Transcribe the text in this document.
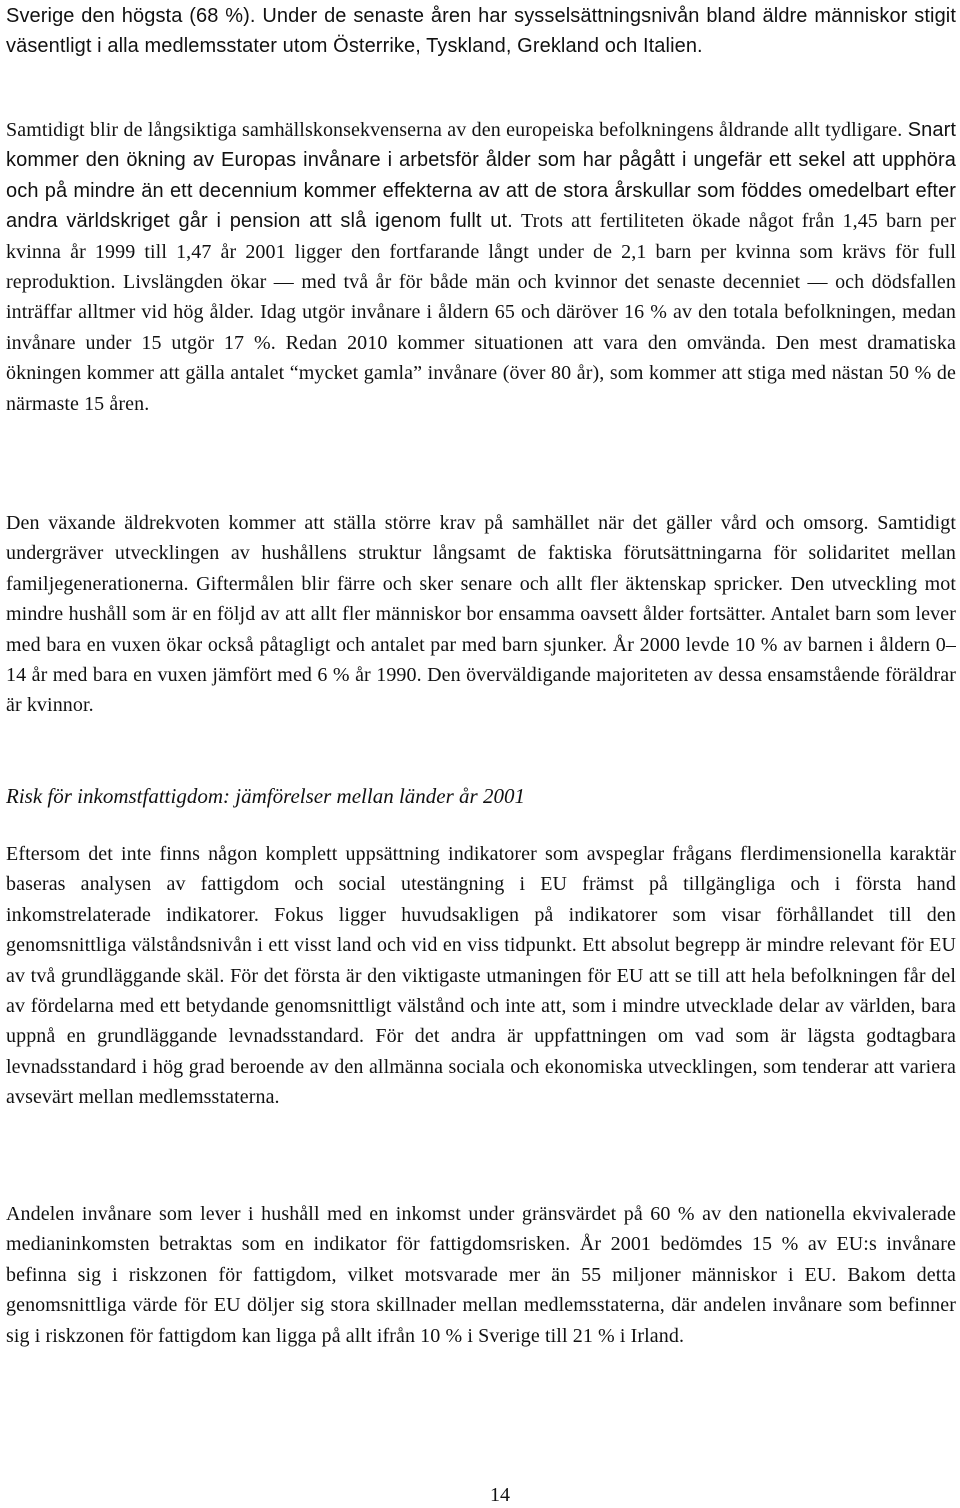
Sverige den högsta (68 %). Under de senaste åren har sysselsättningsnivån bland äldre människor stigit väsentligt i alla medlemsstater utom Österrike, Tyskland, Grekland och Italien.

Samtidigt blir de långsiktiga samhällskonsekvenserna av den europeiska befolkningens åldrande allt tydligare. Snart kommer den ökning av Europas invånare i arbetsför ålder som har pågått i ungefär ett sekel att upphöra och på mindre än ett decennium kommer effekterna av att de stora årskullar som föddes omedelbart efter andra världskriget går i pension att slå igenom fullt ut. Trots att fertiliteten ökade något från 1,45 barn per kvinna år 1999 till 1,47 år 2001 ligger den fortfarande långt under de 2,1 barn per kvinna som krävs för full reproduktion. Livslängden ökar — med två år för både män och kvinnor det senaste decenniet — och dödsfallen inträffar alltmer vid hög ålder. Idag utgör invånare i åldern 65 och däröver 16 % av den totala befolkningen, medan invånare under 15 utgör 17 %. Redan 2010 kommer situationen att vara den omvända. Den mest dramatiska ökningen kommer att gälla antalet “mycket gamla” invånare (över 80 år), som kommer att stiga med nästan 50 % de närmaste 15 åren.

Den växande äldrekvoten kommer att ställa större krav på samhället när det gäller vård och omsorg. Samtidigt undergräver utvecklingen av hushållens struktur långsamt de faktiska förutsättningarna för solidaritet mellan familjegenerationerna. Giftermålen blir färre och sker senare och allt fler äktenskap spricker. Den utveckling mot mindre hushåll som är en följd av att allt fler människor bor ensamma oavsett ålder fortsätter. Antalet barn som lever med bara en vuxen ökar också påtagligt och antalet par med barn sjunker. År 2000 levde 10 % av barnen i åldern 0–14 år med bara en vuxen jämfört med 6 % år 1990. Den överväldigande majoriteten av dessa ensamstående föräldrar är kvinnor.

Risk för inkomstfattigdom: jämförelser mellan länder år 2001

Eftersom det inte finns någon komplett uppsättning indikatorer som avspeglar frågans flerdimensionella karaktär baseras analysen av fattigdom och social utestängning i EU främst på tillgängliga och i första hand inkomstrelaterade indikatorer. Fokus ligger huvudsakligen på indikatorer som visar förhållandet till den genomsnittliga välståndsnivån i ett visst land och vid en viss tidpunkt. Ett absolut begrepp är mindre relevant för EU av två grundläggande skäl. För det första är den viktigaste utmaningen för EU att se till att hela befolkningen får del av fördelarna med ett betydande genomsnittligt välstånd och inte att, som i mindre utvecklade delar av världen, bara uppnå en grundläggande levnadsstandard. För det andra är uppfattningen om vad som är lägsta godtagbara levnadsstandard i hög grad beroende av den allmänna sociala och ekonomiska utvecklingen, som tenderar att variera avsevärt mellan medlemsstaterna.

Andelen invånare som lever i hushåll med en inkomst under gränsvärdet på 60 % av den nationella ekvivalerade medianinkomsten betraktas som en indikator för fattigdomsrisken. År 2001 bedömdes 15 % av EU:s invånare befinna sig i riskzonen för fattigdom, vilket motsvarade mer än 55 miljoner människor i EU. Bakom detta genomsnittliga värde för EU döljer sig stora skillnader mellan medlemsstaterna, där andelen invånare som befinner sig i riskzonen för fattigdom kan ligga på allt ifrån 10 % i Sverige till 21 % i Irland.

14
